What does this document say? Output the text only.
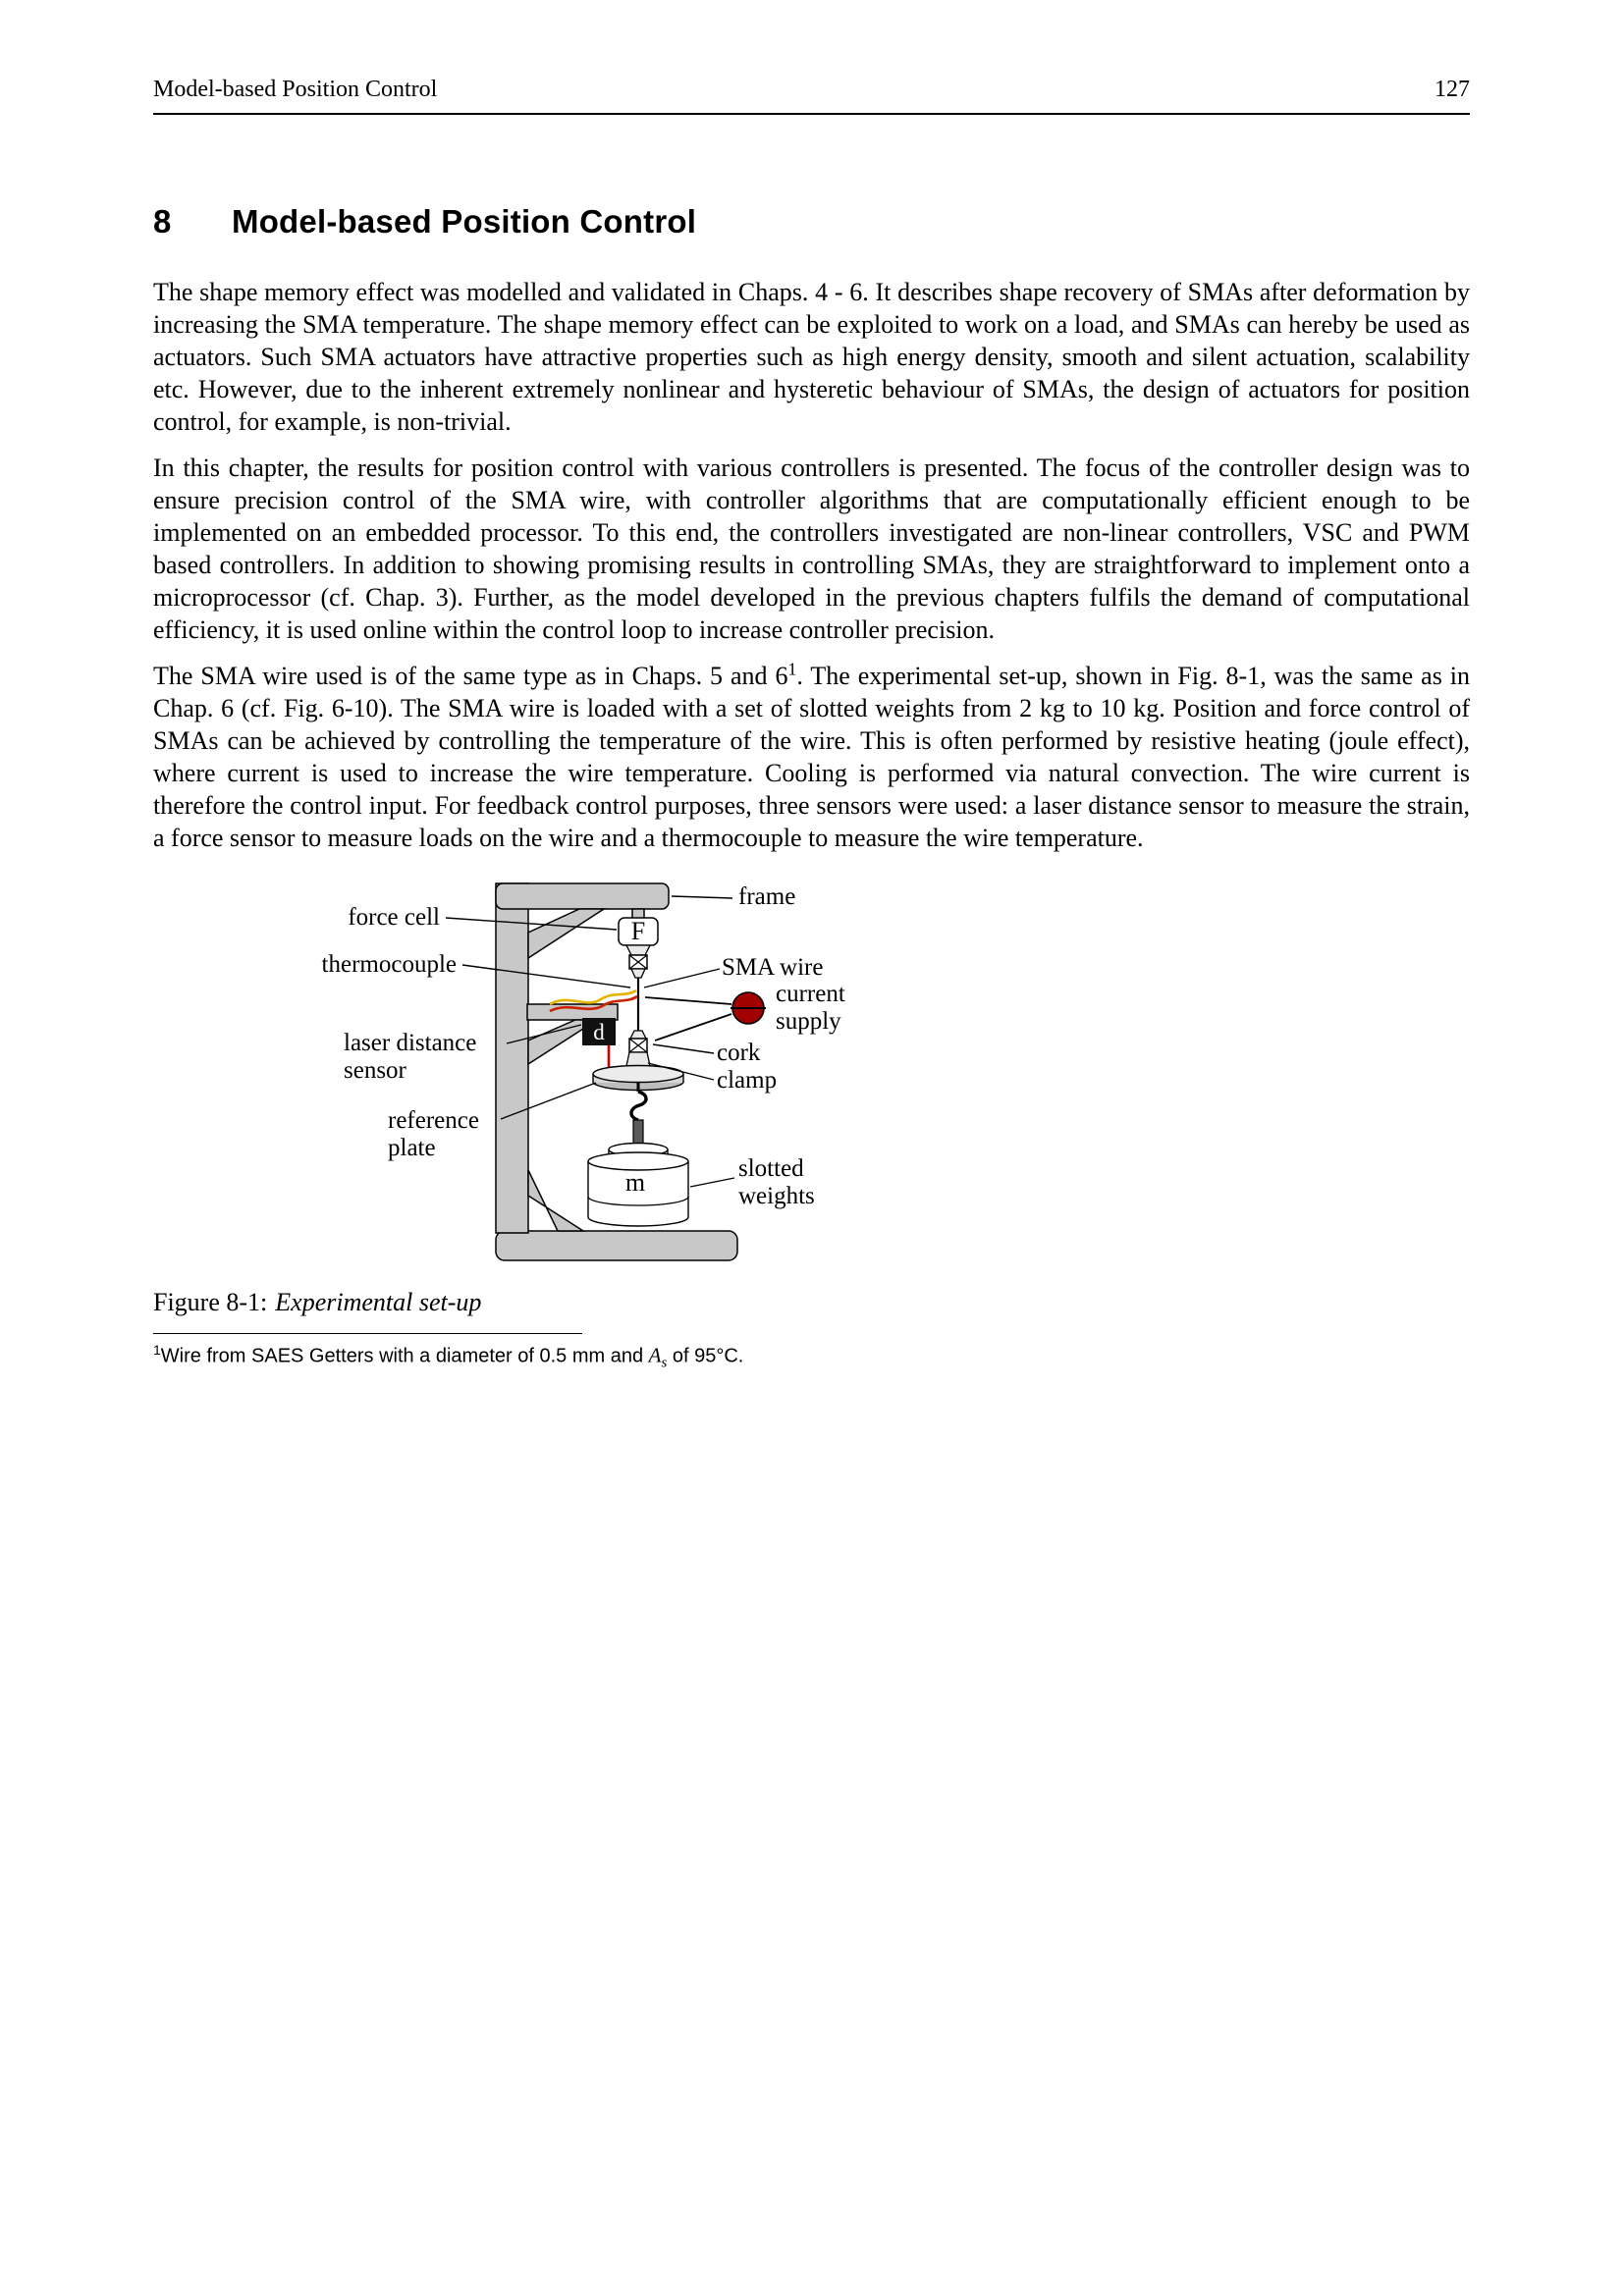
Model-based Position Control	127
8	Model-based Position Control

The shape memory effect was modelled and validated in Chaps. 4 - 6. It describes shape recovery of SMAs after deformation by increasing the SMA temperature. The shape memory effect can be exploited to work on a load, and SMAs can hereby be used as actuators. Such SMA actuators have attractive properties such as high energy density, smooth and silent actuation, scalability etc. However, due to the inherent extremely nonlinear and hysteretic behaviour of SMAs, the design of actuators for position control, for example, is non-trivial.

In this chapter, the results for position control with various controllers is presented. The focus of the controller design was to ensure precision control of the SMA wire, with controller algorithms that are computationally efficient enough to be implemented on an embedded processor. To this end, the controllers investigated are non-linear controllers, VSC and PWM based controllers. In addition to showing promising results in controlling SMAs, they are straightforward to implement onto a microprocessor (cf. Chap. 3). Further, as the model developed in the previous chapters fulfils the demand of computational efficiency, it is used online within the control loop to increase controller precision.

The SMA wire used is of the same type as in Chaps. 5 and $6^1$. The experimental set-up, shown in Fig. 8-1, was the same as in Chap. 6 (cf. Fig. 6-10). The SMA wire is loaded with a set of slotted weights from 2 kg to 10 kg. Position and force control of SMAs can be achieved by controlling the temperature of the wire. This is often performed by resistive heating (joule effect), where current is used to increase the wire temperature. Cooling is performed via natural convection. The wire current is therefore the control input. For feedback control purposes, three sensors were used: a laser distance sensor to measure the strain, a force sensor to measure loads on the wire and a thermocouple to measure the wire temperature.

F
d
m
frame
force cell
thermocouple	SMA wire
current
supply
laser distance
sensor
cork
clamp
reference
plate
slotted
weights
Figure 8-1: Experimental set-up
$^1$Wire from SAES Getters with a diameter of 0.5 mm and $A_s$ of 95°C.
